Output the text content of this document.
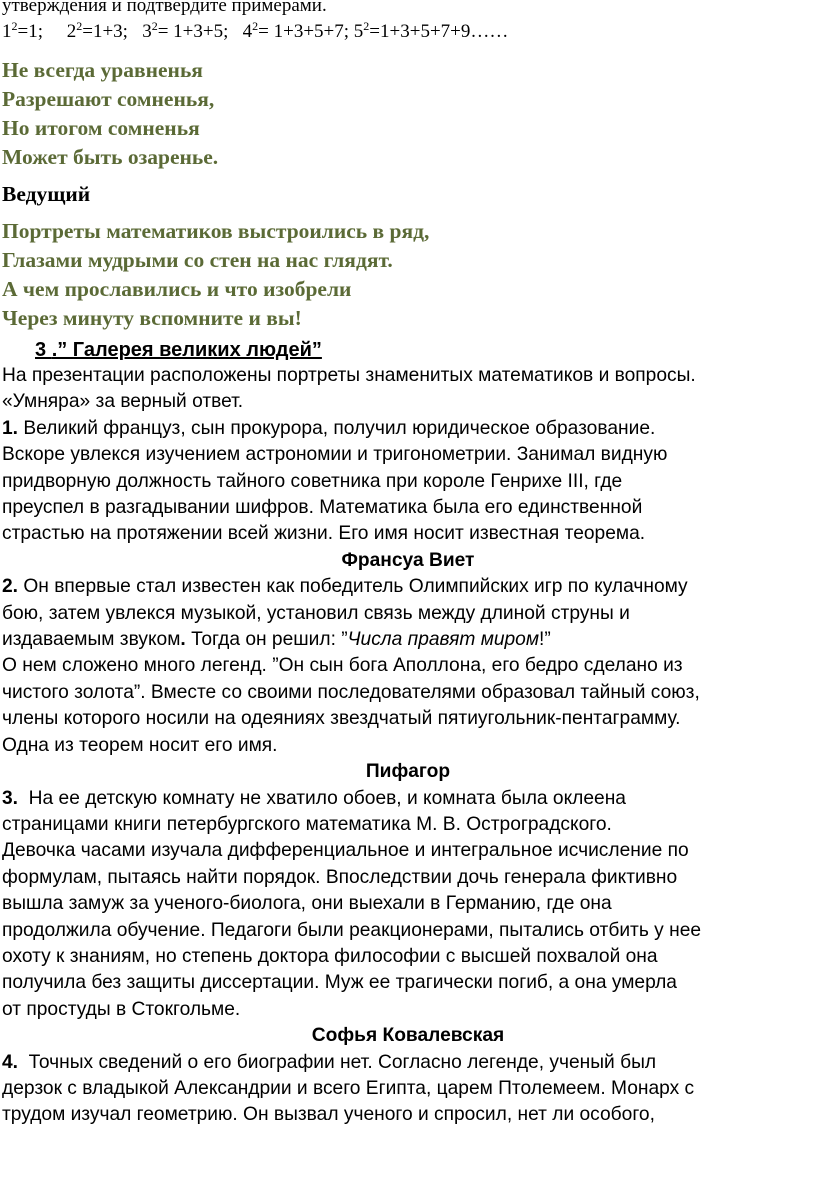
утверждения и подтвердите примерами.
$1^2=1$; $2^2=1+3$; $3^2= 1+3+5$; $4^2= 1+3+5+7$; $5^2=1+3+5+7+9\dots\dots$
Не всегда уравненья
Разрешают сомненья,
Но итогом сомненья
Может быть озаренье.
Ведущий
Портреты математиков выстроились в ряд,
Глазами мудрыми со стен на нас глядят.
А чем прославились и что изобрели
Через минуту вспомните и вы!
3 .” Галерея великих людей”
На презентации расположены портреты знаменитых математиков и вопросы.
«Умняра» за верный ответ.
1. Великий француз, сын прокурора, получил юридическое образование.
Вскоре увлекся изучением астрономии и тригонометрии. Занимал видную
придворную должность тайного советника при короле Генрихе III, где
преуспел в разгадывании шифров. Математика была его единственной
страстью на протяжении всей жизни. Его имя носит известная теорема.
Франсуа Виет
2. Он впервые стал известен как победитель Олимпийских игр по кулачному
бою, затем увлекся музыкой, установил связь между длиной струны и
издаваемым звуком. Тогда он решил: ”Числа правят миром!”
О нем сложено много легенд. ”Он сын бога Аполлона, его бедро сделано из
чистого золота”. Вместе со своими последователями образовал тайный союз,
члены которого носили на одеяниях звездчатый пятиугольник-пентаграмму.
Одна из теорем носит его имя.
Пифагор
3.  На ее детскую комнату не хватило обоев, и комната была оклеена
страницами книги петербургского математика М. В. Остроградского.
Девочка часами изучала дифференциальное и интегральное исчисление по
формулам, пытаясь найти порядок. Впоследствии дочь генерала фиктивно
вышла замуж за ученого-биолога, они выехали в Германию, где она
продолжила обучение. Педагоги были реакционерами, пытались отбить у нее
охоту к знаниям, но степень доктора философии с высшей похвалой она
получила без защиты диссертации. Муж ее трагически погиб, а она умерла
от простуды в Стокгольме.
Софья Ковалевская
4.  Точных сведений о его биографии нет. Согласно легенде, ученый был
дерзок с владыкой Александрии и всего Египта, царем Птолемеем. Монарх с
трудом изучал геометрию. Он вызвал ученого и спросил, нет ли особого,
